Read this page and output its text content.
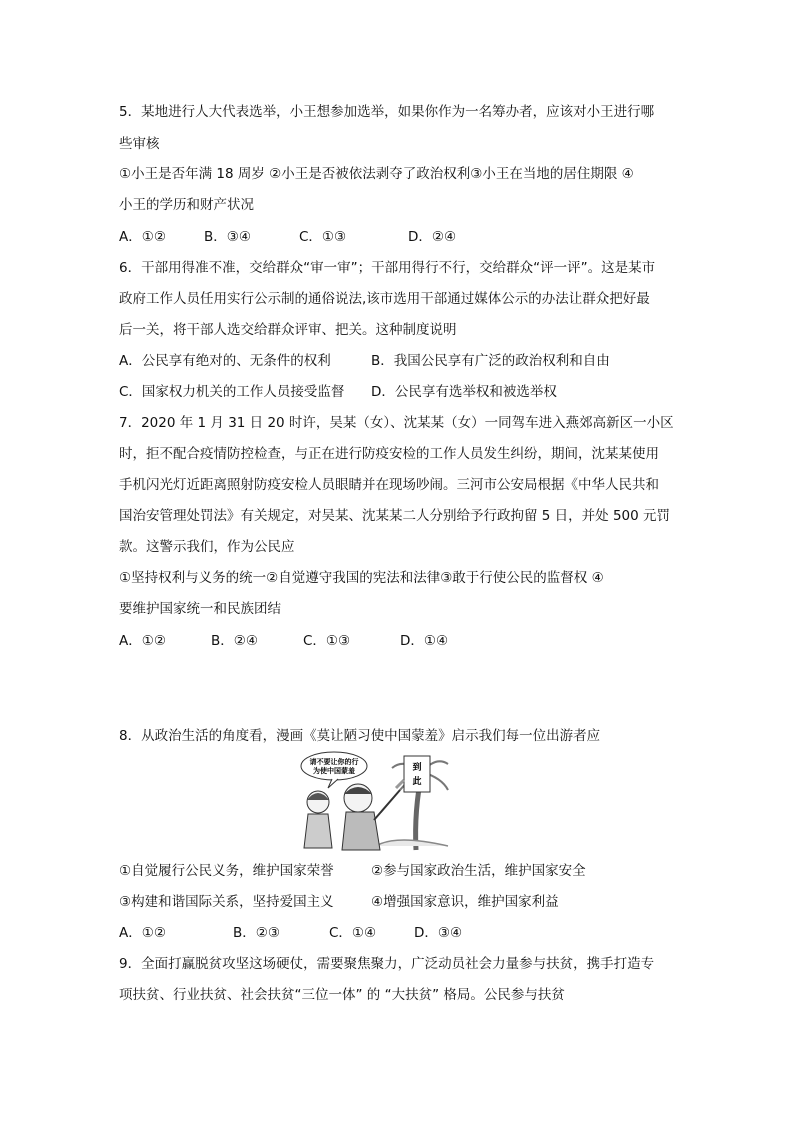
5．某地进行人大代表选举，小王想参加选举，如果你作为一名筹办者，应该对小王进行哪
些审核
①小王是否年满 18 周岁 ②小王是否被依法剥夺了政治权利③小王在当地的居住期限 ④
小王的学历和财产状况
A．①②	B．③④	C．①③	D．②④
6．干部用得准不准，交给群众“审一审”；干部用得行不行，交给群众“评一评”。这是某市
政府工作人员任用实行公示制的通俗说法,该市选用干部通过媒体公示的办法让群众把好最
后一关，将干部人选交给群众评审、把关。这种制度说明
A．公民享有绝对的、无条件的权利	B．我国公民享有广泛的政治权利和自由
C．国家权力机关的工作人员接受监督 D．公民享有选举权和被选举权
7．2020 年 1 月 31 日 20 时许，吴某（女）、沈某某（女）一同驾车进入燕郊高新区一小区
时，拒不配合疫情防控检查，与正在进行防疫安检的工作人员发生纠纷，期间，沈某某使用
手机闪光灯近距离照射防疫安检人员眼睛并在现场吵闹。三河市公安局根据《中华人民共和
国治安管理处罚法》有关规定，对吴某、沈某某二人分别给予行政拘留 5 日，并处 500 元罚
款。这警示我们，作为公民应
①坚持权利与义务的统一②自觉遵守我国的宪法和法律③敢于行使公民的监督权 ④
要维护国家统一和民族团结
A．①②	B．②④	C．①③	D．①④
8．从政治生活的角度看，漫画《莫让陋习使中国蒙羞》启示我们每一位出游者应
请不要让你的行
为使中国蒙羞	到
此
①自觉履行公民义务，维护国家荣誉	②参与国家政治生活，维护国家安全
③构建和谐国际关系，坚持爱国主义	④增强国家意识，维护国家利益
A．①②	B．②③	C．①④	D．③④
9．全面打赢脱贫攻坚这场硬仗，需要聚焦聚力，广泛动员社会力量参与扶贫，携手打造专
项扶贫、行业扶贫、社会扶贫“三位一体” 的 “大扶贫” 格局。公民参与扶贫
